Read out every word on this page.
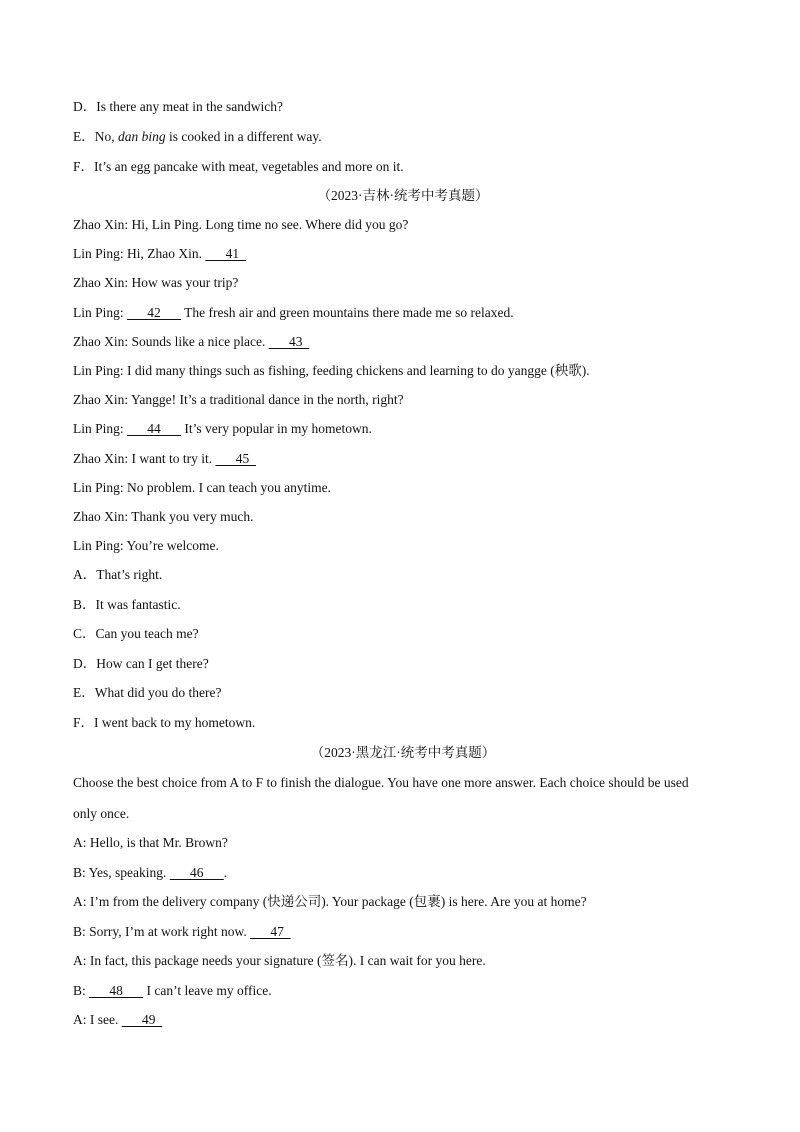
D．Is there any meat in the sandwich?
E．No, dan bing is cooked in a different way.
F．It’s an egg pancake with meat, vegetables and more on it.
（2023·吉林·统考中考真题）
Zhao Xin: Hi, Lin Ping. Long time no see. Where did you go?
Lin Ping: Hi, Zhao Xin.       41
Zhao Xin: How was your trip?
Lin Ping:       42       The fresh air and green mountains there made me so relaxed.
Zhao Xin: Sounds like a nice place.       43
Lin Ping: I did many things such as fishing, feeding chickens and learning to do yangge (秧歌).
Zhao Xin: Yangge! It’s a traditional dance in the north, right?
Lin Ping:       44       It’s very popular in my hometown.
Zhao Xin: I want to try it.       45
Lin Ping: No problem. I can teach you anytime.
Zhao Xin: Thank you very much.
Lin Ping: You’re welcome.
A．That’s right.
B．It was fantastic.
C．Can you teach me?
D．How can I get there?
E．What did you do there?
F．I went back to my hometown.
（2023·黑龙江·统考中考真题）
Choose the best choice from A to F to finish the dialogue. You have one more answer. Each choice should be used
only once.
A: Hello, is that Mr. Brown?
B: Yes, speaking.       46      .
A: I’m from the delivery company (快递公司). Your package (包裹) is here. Are you at home?
B: Sorry, I’m at work right now.       47
A: In fact, this package needs your signature (签名). I can wait for you here.
B:       48       I can’t leave my office.
A: I see.       49
